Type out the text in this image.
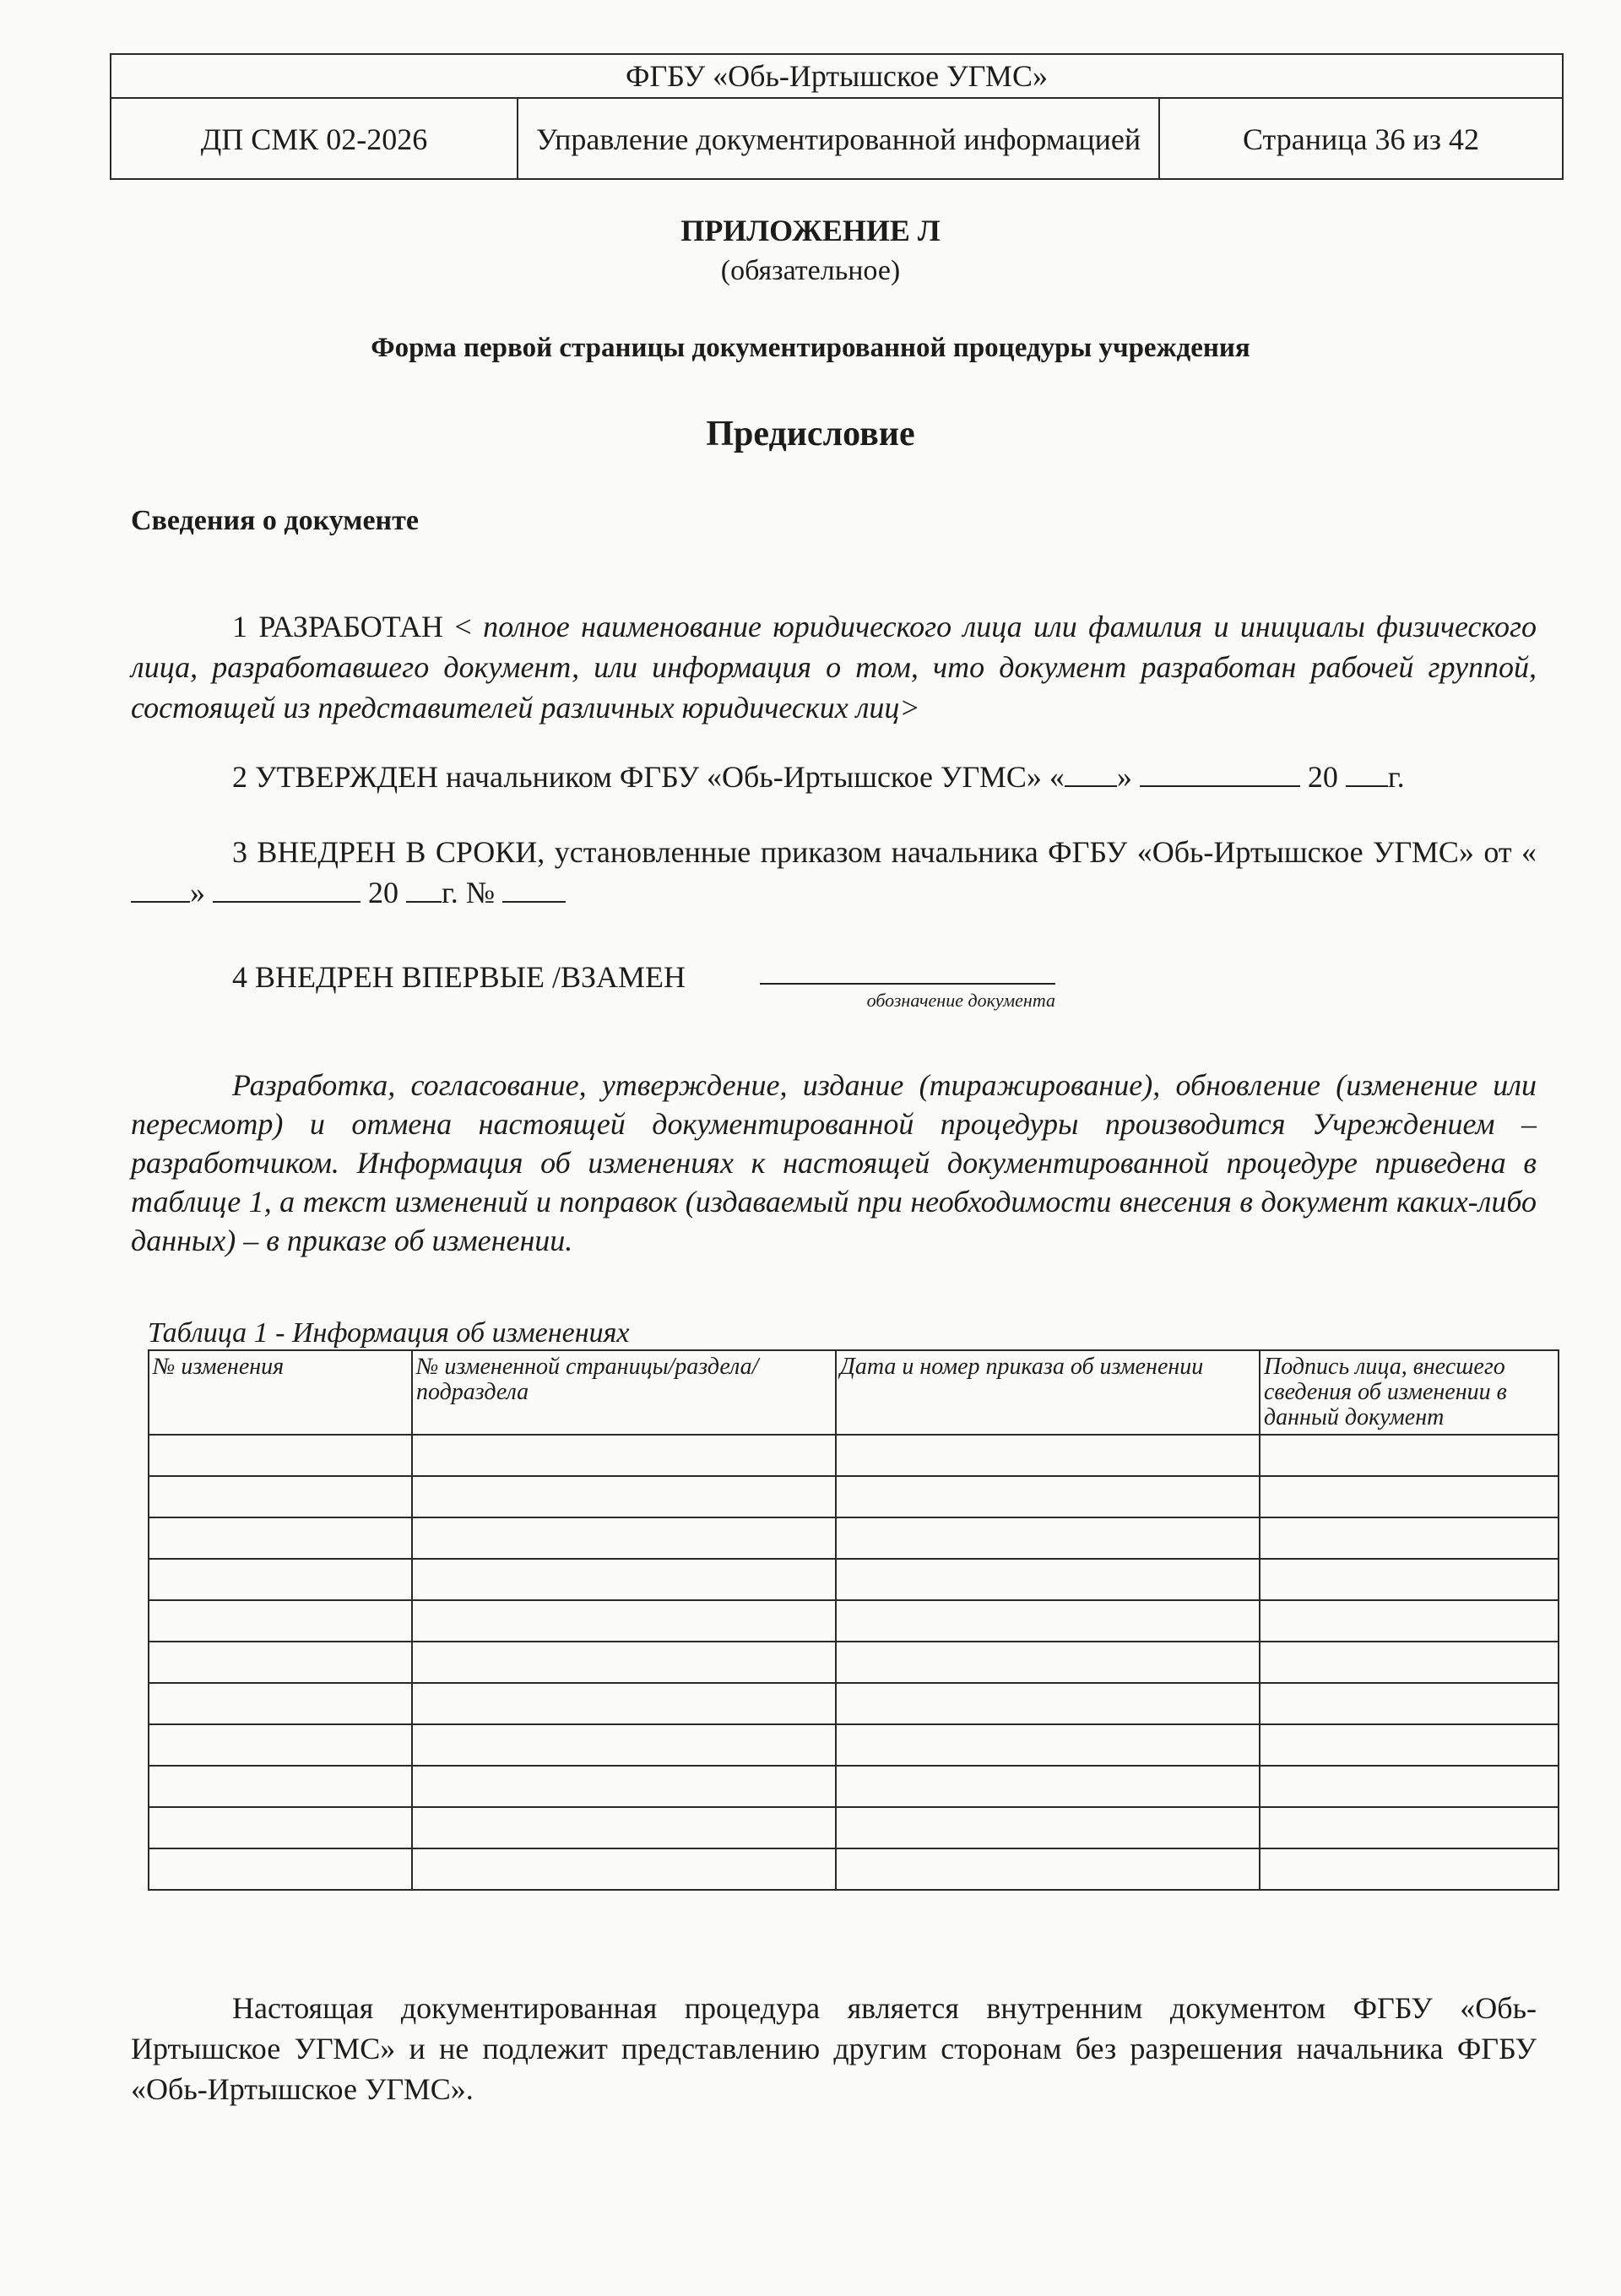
ФГБУ «Обь-Иртышское УГМС»
ДП СМК 02-2026	Управление документированной информацией	Страница 36 из 42
ПРИЛОЖЕНИЕ Л
(обязательное)
Форма первой страницы документированной процедуры учреждения
Предисловие
Сведения о документе
1 РАЗРАБОТАН < полное наименование юридического лица или фамилия и инициалы физического лица, разработавшего документ, или информация о том, что документ разработан рабочей группой, состоящей из представителей различных юридических лиц>
2 УТВЕРЖДЕН начальником ФГБУ «Обь-Иртышское УГМС» « »	20 г.
3 ВНЕДРЕН В СРОКИ, установленные приказом начальника ФГБУ «Обь-Иртышское УГМС» от «»	20 г. №
4 ВНЕДРЕН ВПЕРВЫЕ /ВЗАМЕН
обозначение документа
Разработка, согласование, утверждение, издание (тиражирование), обновление (изменение или пересмотр) и отмена настоящей документированной процедуры производится Учреждением – разработчиком. Информация об изменениях к настоящей документированной процедуре приведена в таблице 1, а текст изменений и поправок (издаваемый при необходимости внесения в документ каких-либо данных) – в приказе об изменении.
Таблица 1 - Информация об изменениях
№ изменения	№ измененной страницы/раздела/подраздела	Дата и номер приказа об изменении	Подпись лица, внесшего сведения об изменении в данный документ

Настоящая документированная процедура является внутренним документом ФГБУ «Обь-Иртышское УГМС» и не подлежит представлению другим сторонам без разрешения начальника ФГБУ «Обь-Иртышское УГМС».
